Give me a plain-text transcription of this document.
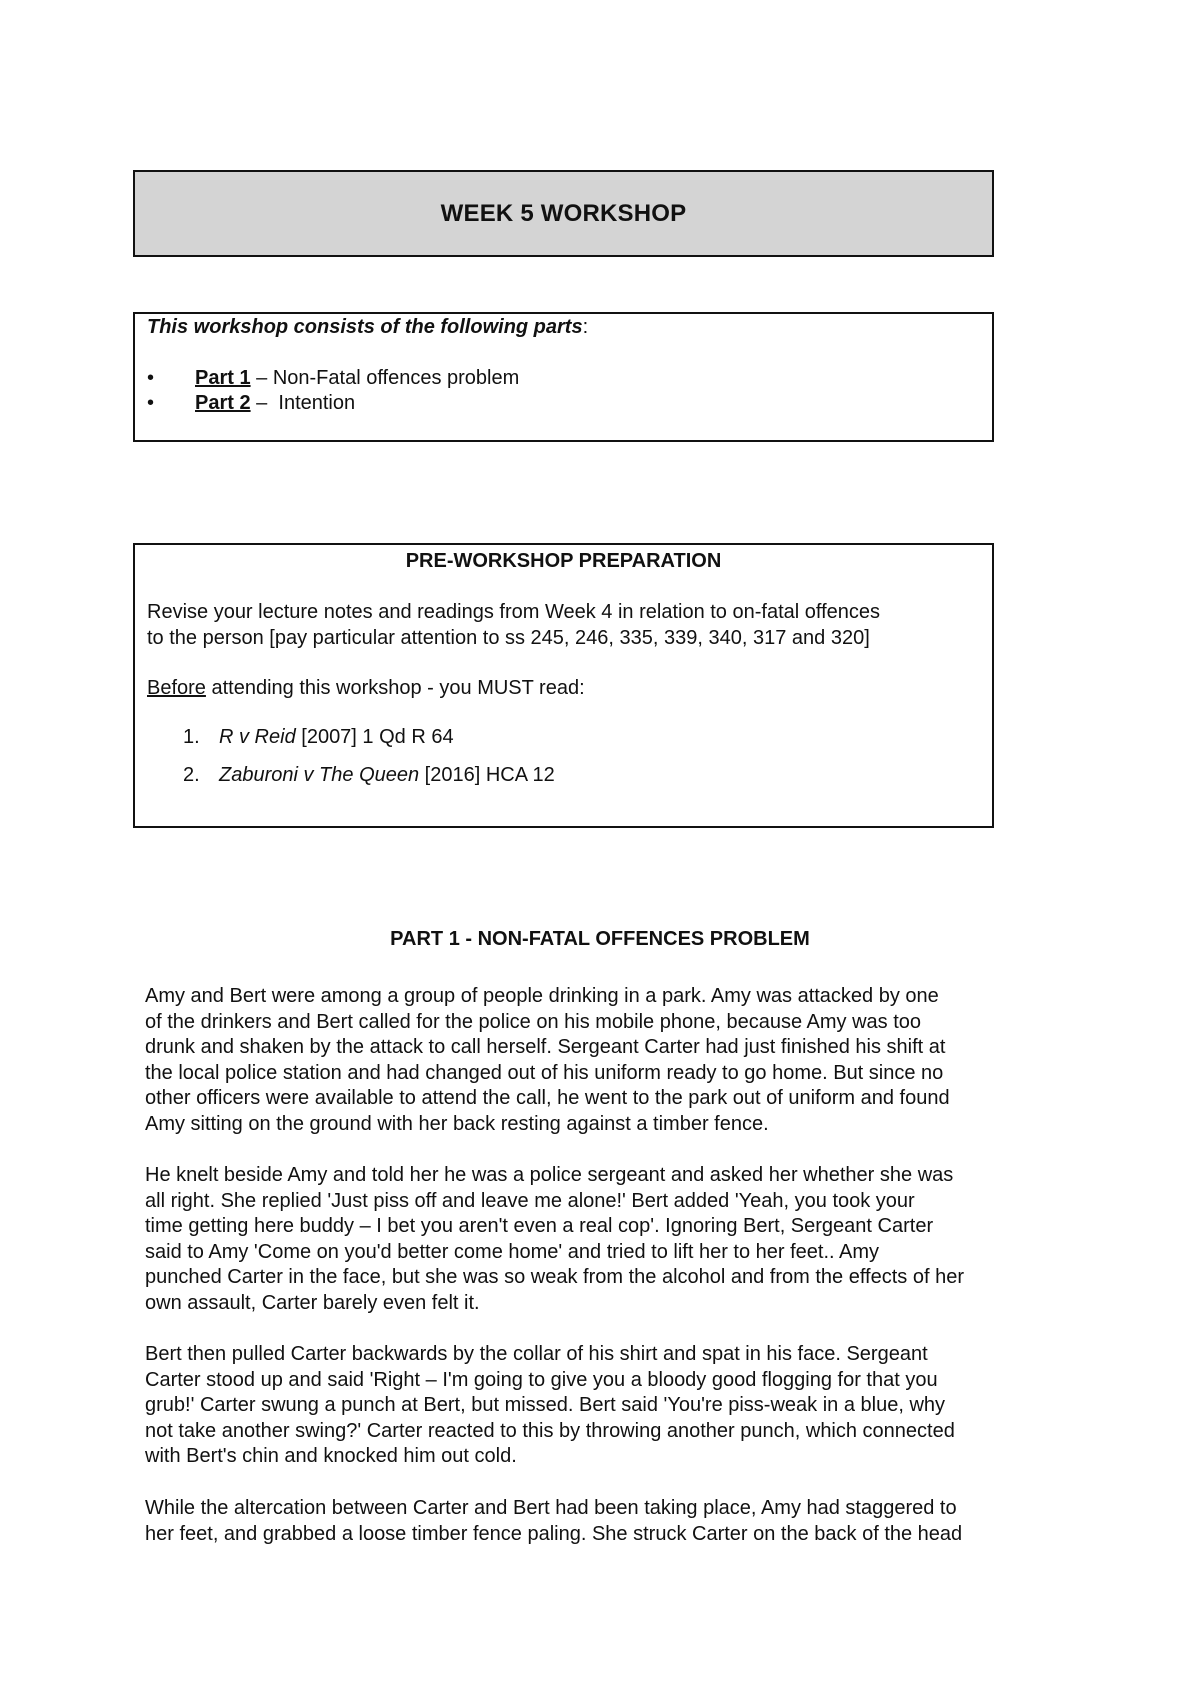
WEEK 5 WORKSHOP

This workshop consists of the following parts:

•	Part 1 – Non-Fatal offences problem
•	Part 2 –  Intention

PRE-WORKSHOP PREPARATION

Revise your lecture notes and readings from Week 4 in relation to on-fatal offences
to the person [pay particular attention to ss 245, 246, 335, 339, 340, 317 and 320]

Before attending this workshop - you MUST read:

1. R v Reid [2007] 1 Qd R 64

2. Zaburoni v The Queen [2016] HCA 12

PART 1 - NON-FATAL OFFENCES PROBLEM

Amy and Bert were among a group of people drinking in a park. Amy was attacked by one
of the drinkers and Bert called for the police on his mobile phone, because Amy was too
drunk and shaken by the attack to call herself. Sergeant Carter had just finished his shift at
the local police station and had changed out of his uniform ready to go home. But since no
other officers were available to attend the call, he went to the park out of uniform and found
Amy sitting on the ground with her back resting against a timber fence.

He knelt beside Amy and told her he was a police sergeant and asked her whether she was
all right. She replied 'Just piss off and leave me alone!' Bert added 'Yeah, you took your
time getting here buddy – I bet you aren't even a real cop'. Ignoring Bert, Sergeant Carter
said to Amy 'Come on you'd better come home' and tried to lift her to her feet.. Amy
punched Carter in the face, but she was so weak from the alcohol and from the effects of her
own assault, Carter barely even felt it.

Bert then pulled Carter backwards by the collar of his shirt and spat in his face. Sergeant
Carter stood up and said 'Right – I'm going to give you a bloody good flogging for that you
grub!' Carter swung a punch at Bert, but missed. Bert said 'You're piss-weak in a blue, why
not take another swing?' Carter reacted to this by throwing another punch, which connected
with Bert's chin and knocked him out cold.

While the altercation between Carter and Bert had been taking place, Amy had staggered to
her feet, and grabbed a loose timber fence paling. She struck Carter on the back of the head
